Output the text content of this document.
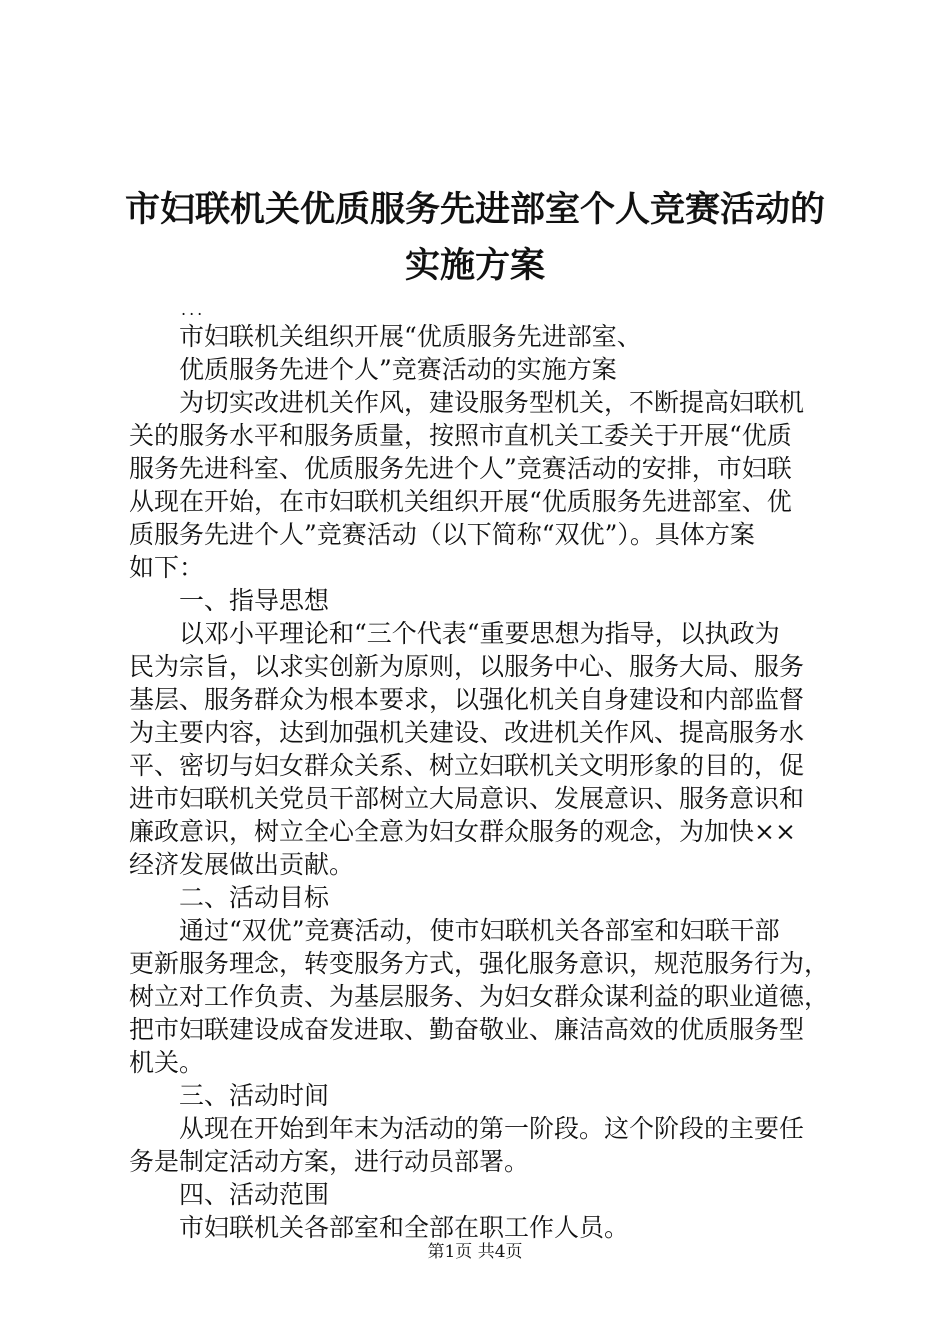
市妇联机关优质服务先进部室个人竞赛活动的
实施方案
...

市妇联机关组织开展“优质服务先进部室、

优质服务先进个人”竞赛活动的实施方案

为切实改进机关作风，建设服务型机关，不断提高妇联机

关的服务水平和服务质量，按照市直机关工委关于开展“优质

服务先进科室、优质服务先进个人”竞赛活动的安排，市妇联

从现在开始，在市妇联机关组织开展“优质服务先进部室、优

质服务先进个人”竞赛活动（以下简称“双优”）。具体方案

如下：

一、指导思想

以邓小平理论和“三个代表“重要思想为指导，以执政为

民为宗旨，以求实创新为原则，以服务中心、服务大局、服务

基层、服务群众为根本要求，以强化机关自身建设和内部监督

为主要内容，达到加强机关建设、改进机关作风、提高服务水

平、密切与妇女群众关系、树立妇联机关文明形象的目的，促

进市妇联机关党员干部树立大局意识、发展意识、服务意识和

廉政意识，树立全心全意为妇女群众服务的观念，为加快××

经济发展做出贡献。

二、活动目标

通过“双优”竞赛活动，使市妇联机关各部室和妇联干部

更新服务理念，转变服务方式，强化服务意识，规范服务行为，

树立对工作负责、为基层服务、为妇女群众谋利益的职业道德，

把市妇联建设成奋发进取、勤奋敬业、廉洁高效的优质服务型

机关。

三、活动时间

从现在开始到年末为活动的第一阶段。这个阶段的主要任

务是制定活动方案，进行动员部署。

四、活动范围

市妇联机关各部室和全部在职工作人员。

第1页 共4页
